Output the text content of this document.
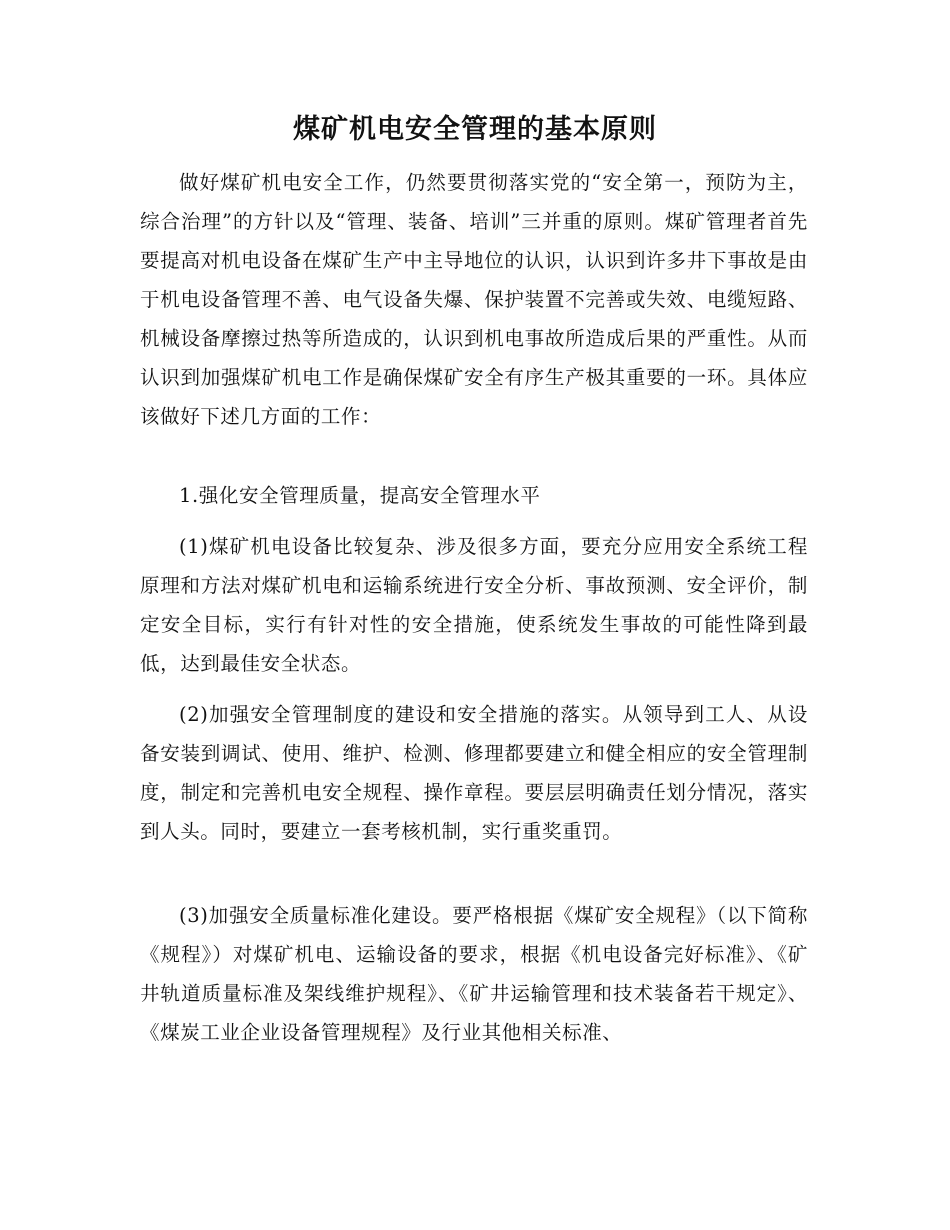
煤矿机电安全管理的基本原则

做好煤矿机电安全工作，仍然要贯彻落实党的“安全第一，预防为主，综合治理”的方针以及“管理、装备、培训”三并重的原则。煤矿管理者首先要提高对机电设备在煤矿生产中主导地位的认识，认识到许多井下事故是由于机电设备管理不善、电气设备失爆、保护装置不完善或失效、电缆短路、机械设备摩擦过热等所造成的，认识到机电事故所造成后果的严重性。从而认识到加强煤矿机电工作是确保煤矿安全有序生产极其重要的一环。具体应该做好下述几方面的工作：

1.强化安全管理质量，提高安全管理水平

(1)煤矿机电设备比较复杂、涉及很多方面，要充分应用安全系统工程原理和方法对煤矿机电和运输系统进行安全分析、事故预测、安全评价，制定安全目标，实行有针对性的安全措施，使系统发生事故的可能性降到最低，达到最佳安全状态。

(2)加强安全管理制度的建设和安全措施的落实。从领导到工人、从设备安装到调试、使用、维护、检测、修理都要建立和健全相应的安全管理制度，制定和完善机电安全规程、操作章程。要层层明确责任划分情况，落实到人头。同时，要建立一套考核机制，实行重奖重罚。

(3)加强安全质量标准化建设。要严格根据《煤矿安全规程》（以下简称《规程》）对煤矿机电、运输设备的要求，根据《机电设备完好标准》、《矿井轨道质量标准及架线维护规程》、《矿井运输管理和技术装备若干规定》、《煤炭工业企业设备管理规程》及行业其他相关标准、
